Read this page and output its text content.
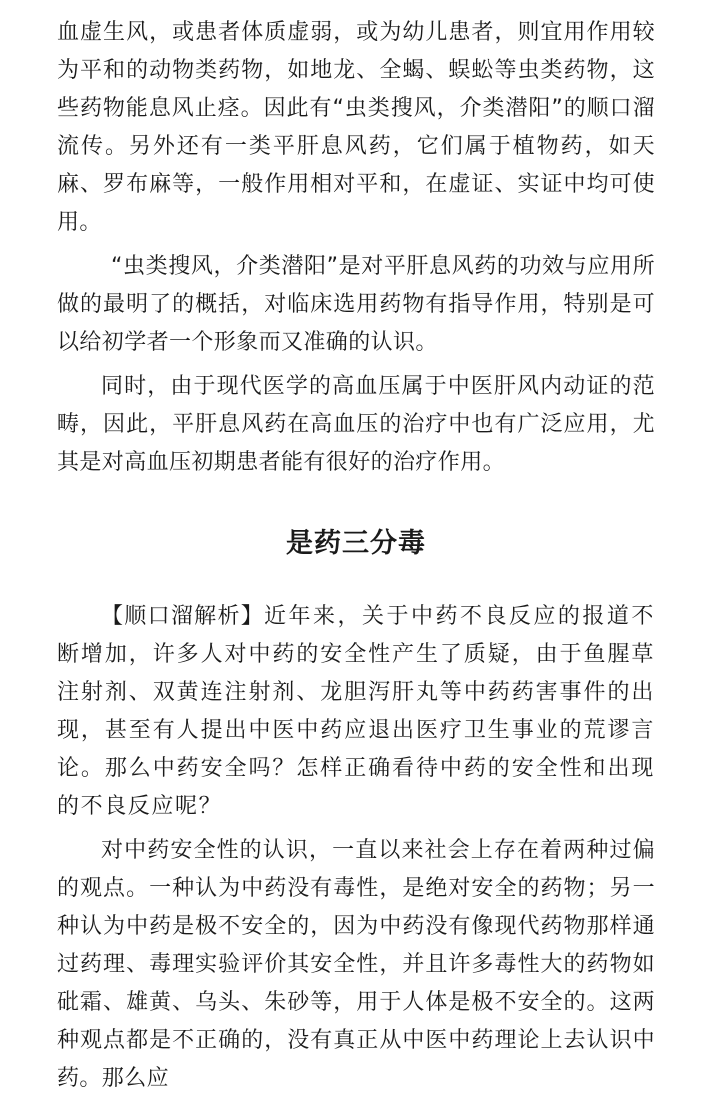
血虚生风，或患者体质虚弱，或为幼儿患者，则宜用作用较为平和的动物类药物，如地龙、全蝎、蜈蚣等虫类药物，这些药物能息风止痉。因此有“虫类搜风，介类潜阳”的顺口溜流传。另外还有一类平肝息风药，它们属于植物药，如天麻、罗布麻等，一般作用相对平和，在虚证、实证中均可使用。

“虫类搜风，介类潜阳”是对平肝息风药的功效与应用所做的最明了的概括，对临床选用药物有指导作用，特别是可以给初学者一个形象而又准确的认识。

同时，由于现代医学的高血压属于中医肝风内动证的范畴，因此，平肝息风药在高血压的治疗中也有广泛应用，尤其是对高血压初期患者能有很好的治疗作用。

是药三分毒

【顺口溜解析】近年来，关于中药不良反应的报道不断增加，许多人对中药的安全性产生了质疑，由于鱼腥草注射剂、双黄连注射剂、龙胆泻肝丸等中药药害事件的出现，甚至有人提出中医中药应退出医疗卫生事业的荒谬言论。那么中药安全吗？怎样正确看待中药的安全性和出现的不良反应呢？

对中药安全性的认识，一直以来社会上存在着两种过偏的观点。一种认为中药没有毒性，是绝对安全的药物；另一种认为中药是极不安全的，因为中药没有像现代药物那样通过药理、毒理实验评价其安全性，并且许多毒性大的药物如砒霜、雄黄、乌头、朱砂等，用于人体是极不安全的。这两种观点都是不正确的，没有真正从中医中药理论上去认识中药。那么应
